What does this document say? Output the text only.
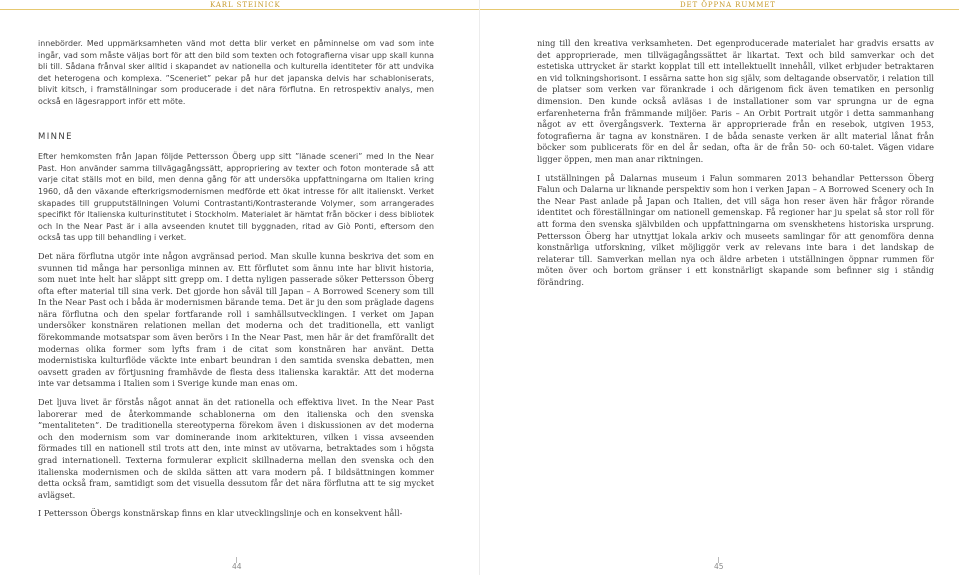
KARL STEINICK

innebörder. Med uppmärksamheten vänd mot detta blir verket en påminnelse om vad som inte ingår, vad som måste väljas bort för att den bild som texten och fotografierna visar upp skall kunna bli till. Sådana frånval sker alltid i skapandet av nationella och kulturella identiteter för att undvika det heterogena och komplexa. ”Sceneriet” pekar på hur det japanska delvis har schabloniserats, blivit kitsch, i framställningar som producerade i det nära förflutna. En retrospektiv analys, men också en lägesrapport inför ett möte.

MINNE

Efter hemkomsten från Japan följde Pettersson Öberg upp sitt ”länade sceneri” med In the Near Past. Hon använder samma tillvägagångssätt, appropriering av texter och foton monterade så att varje citat ställs mot en bild, men denna gång för att undersöka uppfattningarna om Italien kring 1960, då den växande efterkrigsmodernismen medförde ett ökat intresse för allt italienskt. Verket skapades till grupputställningen Volumi Contrastanti/Kontrasterande Volymer, som arrangerades specifikt för Italienska kulturinstitutet i Stockholm. Materialet är hämtat från böcker i dess bibliotek och In the Near Past är i alla avseenden knutet till byggnaden, ritad av Giò Ponti, eftersom den också tas upp till behandling i verket.

Det nära förflutna utgör inte någon avgränsad period. Man skulle kunna beskriva det som en svunnen tid många har personliga minnen av. Ett förflutet som ännu inte har blivit historia, som nuet inte helt har släppt sitt grepp om. I detta nyligen passerade söker Pettersson Öberg ofta efter material till sina verk. Det gjorde hon såväl till Japan – A Borrowed Scenery som till In the Near Past och i båda är modernismen bärande tema. Det är ju den som präglade dagens nära förflutna och den spelar fortfarande roll i samhällsutvecklingen. I verket om Japan undersöker konstnären relationen mellan det moderna och det traditionella, ett vanligt förekommande motsatspar som även berörs i In the Near Past, men här är det framförallt det modernas olika former som lyfts fram i de citat som konstnären har använt. Detta modernistiska kulturflöde väckte inte enbart beundran i den samtida svenska debatten, men oavsett graden av förtjusning framhävde de flesta dess italienska karaktär. Att det moderna inte var detsamma i Italien som i Sverige kunde man enas om.

Det ljuva livet är förstås något annat än det rationella och effektiva livet. In the Near Past laborerar med de återkommande schablonerna om den italienska och den svenska ”mentaliteten”. De traditionella stereotyperna förekom även i diskussionen av det moderna och den modernism som var dominerande inom arkitekturen, vilken i vissa avseenden förmades till en nationell stil trots att den, inte minst av utövarna, betraktades som i högsta grad internationell. Texterna formulerar explicit skillnaderna mellan den svenska och den italienska modernismen och de skilda sätten att vara modern på. I bildsättningen kommer detta också fram, samtidigt som det visuella dessutom får det nära förflutna att te sig mycket avlägset.

I Pettersson Öbergs konstnärskap finns en klar utvecklingslinje och en konsekvent håll-

44
DET ÖPPNA RUMMET

ning till den kreativa verksamheten. Det egenproducerade materialet har gradvis ersatts av det approprierade, men tillvägagångssättet är likartat. Text och bild samverkar och det estetiska uttrycket är starkt kopplat till ett intellektuellt innehåll, vilket erbjuder betraktaren en vid tolkningshorisont. I essärna satte hon sig själv, som deltagande observatör, i relation till de platser som verken var förankrade i och därigenom fick även tematiken en personlig dimension. Den kunde också avläsas i de installationer som var sprungna ur de egna erfarenheterna från främmande miljöer. Paris – An Orbit Portrait utgör i detta sammanhang något av ett övergångsverk. Texterna är approprierade från en resebok, utgiven 1953, fotografierna är tagna av konstnären. I de båda senaste verken är allt material lånat från böcker som publicerats för en del år sedan, ofta är de från 50- och 60-talet. Vägen vidare ligger öppen, men man anar riktningen.

I utställningen på Dalarnas museum i Falun sommaren 2013 behandlar Pettersson Öberg Falun och Dalarna ur liknande perspektiv som hon i verken Japan – A Borrowed Scenery och In the Near Past anlade på Japan och Italien, det vill säga hon reser även här frågor rörande identitet och föreställningar om nationell gemenskap. Få regioner har ju spelat så stor roll för att forma den svenska självbilden och uppfattningarna om svenskhetens historiska ursprung. Pettersson Öberg har utnyttjat lokala arkiv och museets samlingar för att genomföra denna konstnärliga utforskning, vilket möjliggör verk av relevans inte bara i det landskap de relaterar till. Samverkan mellan nya och äldre arbeten i utställningen öppnar rummen för möten över och bortom gränser i ett konstnärligt skapande som befinner sig i ständig förändring.

45
